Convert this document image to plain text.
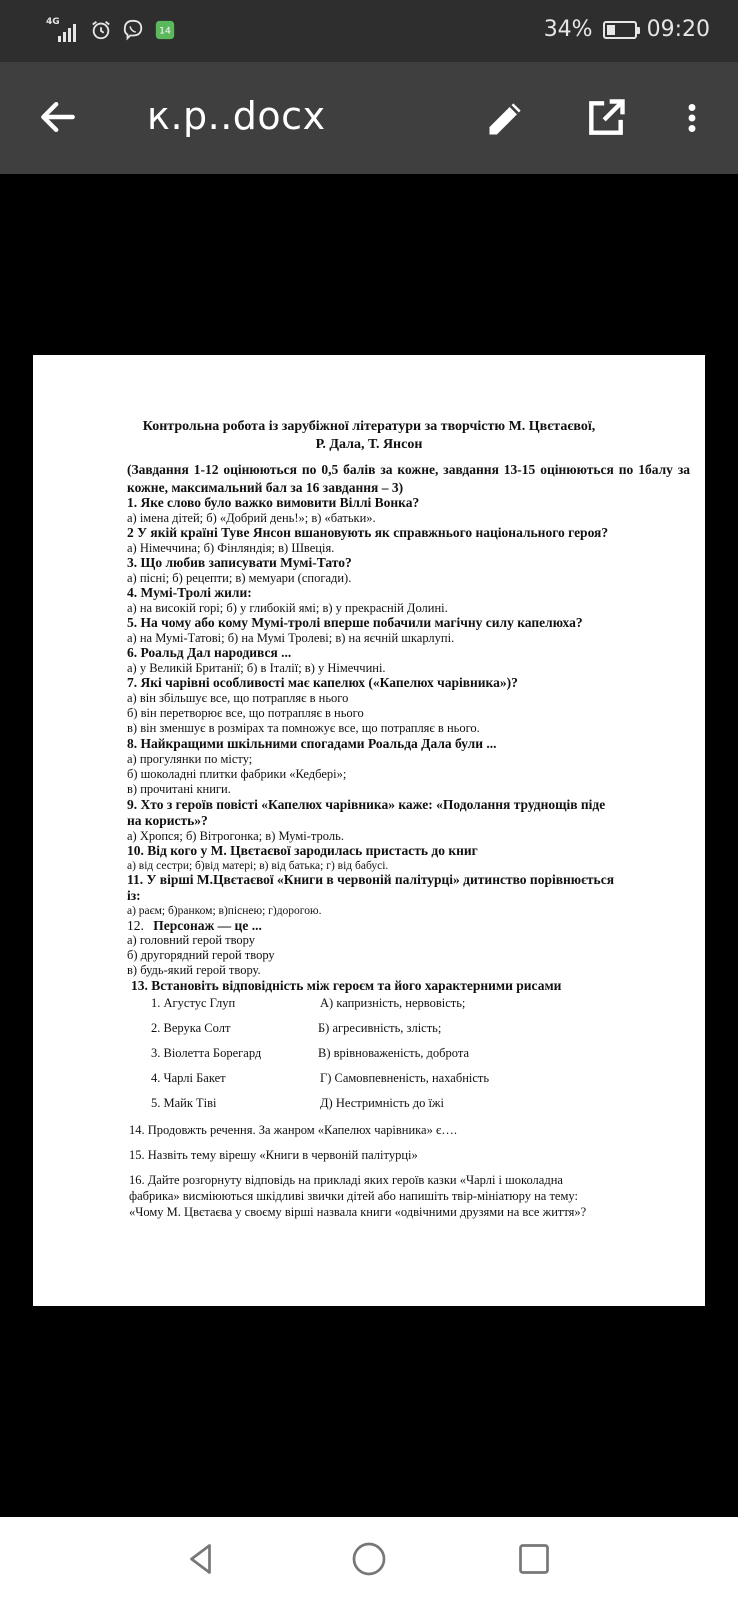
4G
14	34% 09:20
к.р..docx
Контрольна робота із зарубіжної літератури за творчістю М. Цвєтаєвої,
Р. Дала, Т. Янсон
(Завдання 1-12 оцінюються по 0,5 балів за кожне, завдання 13-15 оцінюються по 1балу за кожне, максимальний бал за 16 завдання – 3)
1. Яке слово було важко вимовити Віллі Вонка?
а) імена дітей; б) «Добрий день!»; в) «батьки».
2 У якій країні Туве Янсон вшановують як справжнього національного героя?
а) Німеччина; б) Фінляндія; в) Швеція.
3. Що любив записувати Мумі-Тато?
а) пісні; б) рецепти; в) мемуари (спогади).
4. Мумі-Тролі жили:
а) на високій горі; б) у глибокій ямі; в) у прекрасній Долині.
5. На чому або кому Мумі-тролі вперше побачили магічну силу капелюха?
а) на Мумі-Татові; б) на Мумі Тролеві; в) на яєчній шкарлупі.
6. Роальд Дал народився ...
а) у Великій Британії; б) в Італії; в) у Німеччині.
7. Які чарівні особливості має капелюх («Капелюх чарівника»)?
а) він збільшує все, що потрапляє в нього
б) він перетворює все, що потрапляє в нього
в) він зменшує в розмірах та помножує все, що потрапляє в нього.
8. Найкращими шкільними спогадами Роальда Дала були ...
а) прогулянки по місту;
б) шоколадні плитки фабрики «Кедбері»;
в) прочитані книги.
9. Хто з героїв повісті «Капелюх чарівника» каже: «Подолання труднощів піде
на користь»?
а) Хропся; б) Вітрогонка; в) Мумі-троль.
10. Від кого у М. Цвєтаєвої зародилась пристасть до книг
а) від сестри; б)від матері; в) від батька; г) від бабусі.
11. У вірші М.Цвєтаєвої «Книги в червоній палітурці» дитинство порівнюється
із:
а) раєм; б)ранком; в)піснею; г)дорогою.
12. Персонаж — це ...
а) головний герой твору
б) другорядний герой твору
в) будь-який герой твору.
13. Встановіть відповідність між героєм та його характерними рисами
1. Агустус Глуп	А) капризність, нервовість;
2. Верука Солт	Б) агресивність, злість;
3. Віолетта Борегард	В) врівноваженість, доброта
4. Чарлі Бакет	Г) Самовпевненість, нахабність
5. Майк Тіві	Д) Нестримність до їжі
14. Продовжть речення. За жанром «Капелюх чарівника» є….
15. Назвіть тему вірешу «Книги в червоній палітурці»
16. Дайте розгорнуту відповідь на прикладі яких героїв казки «Чарлі і шоколадна
фабрика» висміюються шкідливі звички дітей або напишіть твір-мініатюру на тему:
«Чому М. Цвєтаєва у своєму вірші назвала книги «одвічними друзями на все життя»?
